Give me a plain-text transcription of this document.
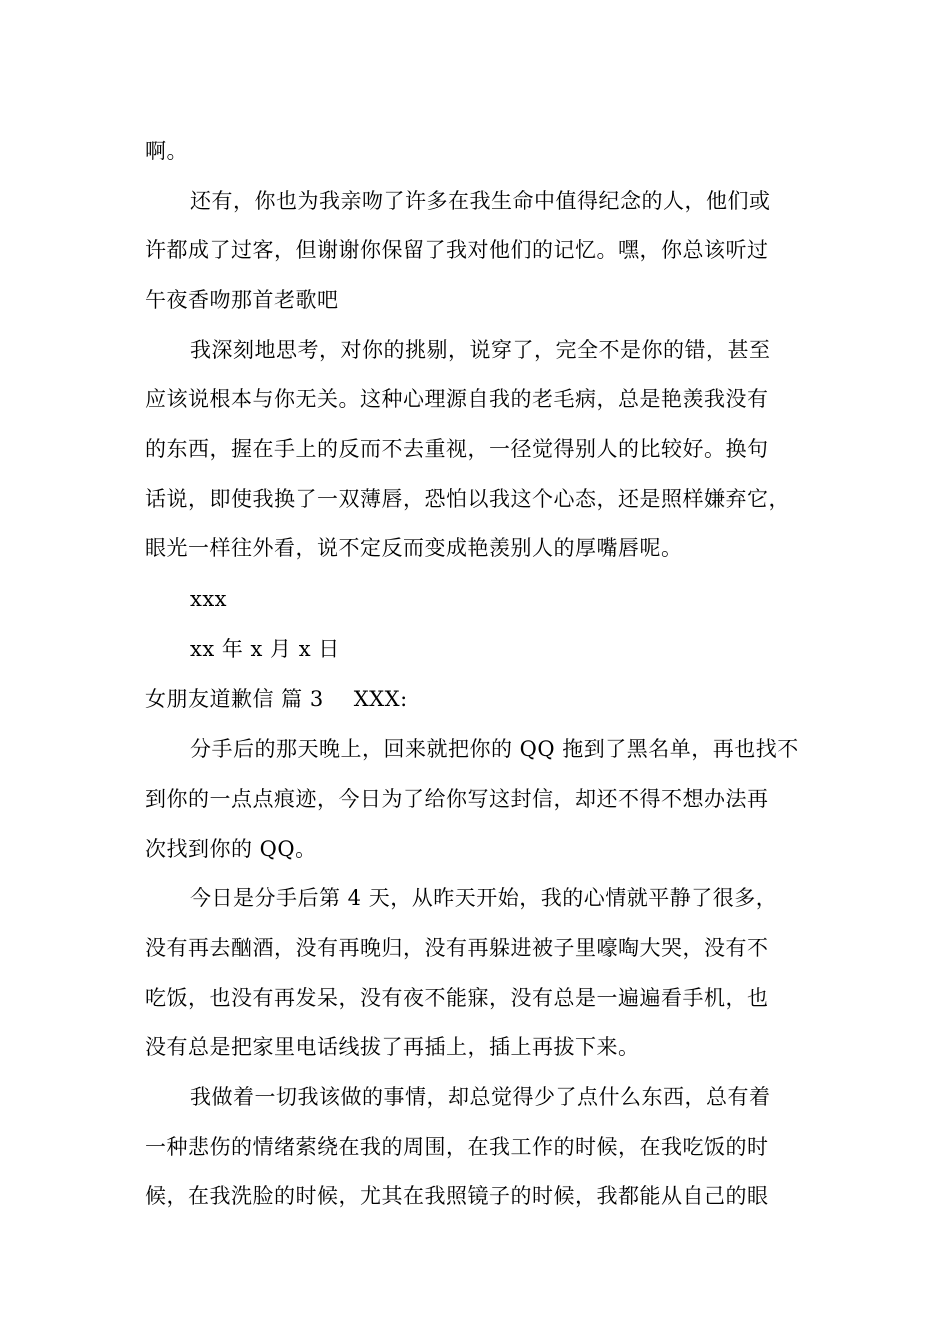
啊。
还有，你也为我亲吻了许多在我生命中值得纪念的人，他们或
许都成了过客，但谢谢你保留了我对他们的记忆。嘿，你总该听过
午夜香吻那首老歌吧
我深刻地思考，对你的挑剔，说穿了，完全不是你的错，甚至
应该说根本与你无关。这种心理源自我的老毛病，总是艳羡我没有
的东西，握在手上的反而不去重视，一径觉得别人的比较好。换句
话说，即使我换了一双薄唇，恐怕以我这个心态，还是照样嫌弃它，
眼光一样往外看，说不定反而变成艳羡别人的厚嘴唇呢。
xxx
xx 年 x 月 x 日
女朋友道歉信 篇 3 XXX:
分手后的那天晚上，回来就把你的 QQ 拖到了黑名单，再也找不
到你的一点点痕迹，今日为了给你写这封信，却还不得不想办法再
次找到你的 QQ。
今日是分手后第 4 天，从昨天开始，我的心情就平静了很多，
没有再去酗酒，没有再晚归，没有再躲进被子里嚎啕大哭，没有不
吃饭，也没有再发呆，没有夜不能寐，没有总是一遍遍看手机，也
没有总是把家里电话线拔了再插上，插上再拔下来。
我做着一切我该做的事情，却总觉得少了点什么东西，总有着
一种悲伤的情绪萦绕在我的周围，在我工作的时候，在我吃饭的时
候，在我洗脸的时候，尤其在我照镜子的时候，我都能从自己的眼
